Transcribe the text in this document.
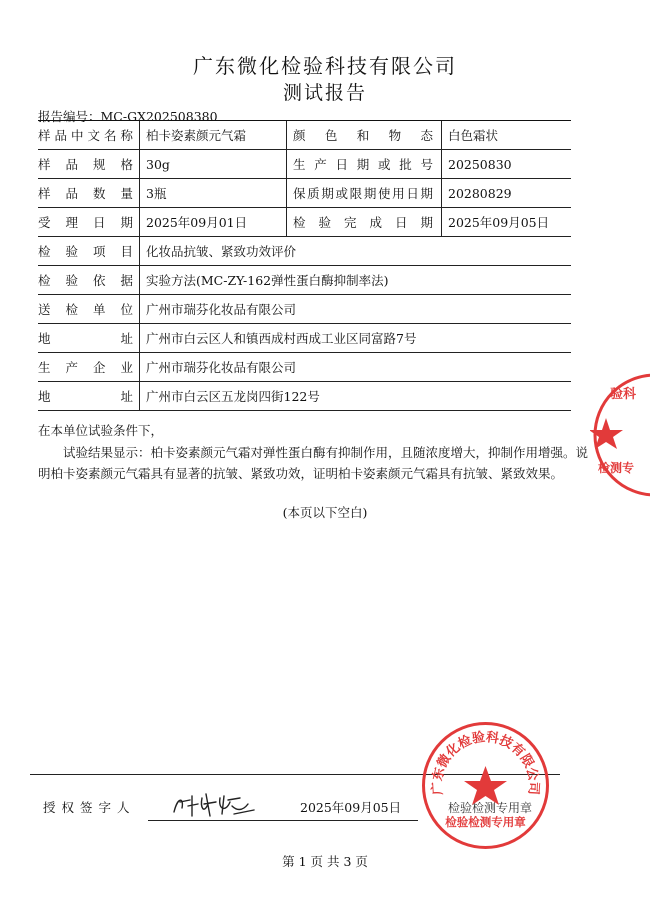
广东微化检验科技有限公司
测试报告
报告编号：MC-GX202508380
样品中文名称	柏卡姿素颜元气霜	颜色和物态	白色霜状
样品规格	30g	生产日期或批号	20250830
样品数量	3瓶	保质期或限期使用日期	20280829
受理日期	2025年09月01日	检验完成日期	2025年09月05日
检验项目	化妆品抗皱、紧致功效评价		
检验依据	实验方法(MC-ZY-162弹性蛋白酶抑制率法)		
送检单位	广州市瑞芬化妆品有限公司		
地址	广州市白云区人和镇西成村西成工业区同富路7号		
生产企业	广州市瑞芬化妆品有限公司		
地址	广州市白云区五龙岗四街122号		
在本单位试验条件下，
试验结果显示：柏卡姿素颜元气霜对弹性蛋白酶有抑制作用，且随浓度增大，抑制作用增强。说明柏卡姿素颜元气霜具有显著的抗皱、紧致功效，证明柏卡姿素颜元气霜具有抗皱、紧致效果。
(本页以下空白)
授权签字人	2025年09月05日	检验检测专用章
广东微化检验科技有限公司
检验检测专用章
验科
检测专
第 1 页 共 3 页
